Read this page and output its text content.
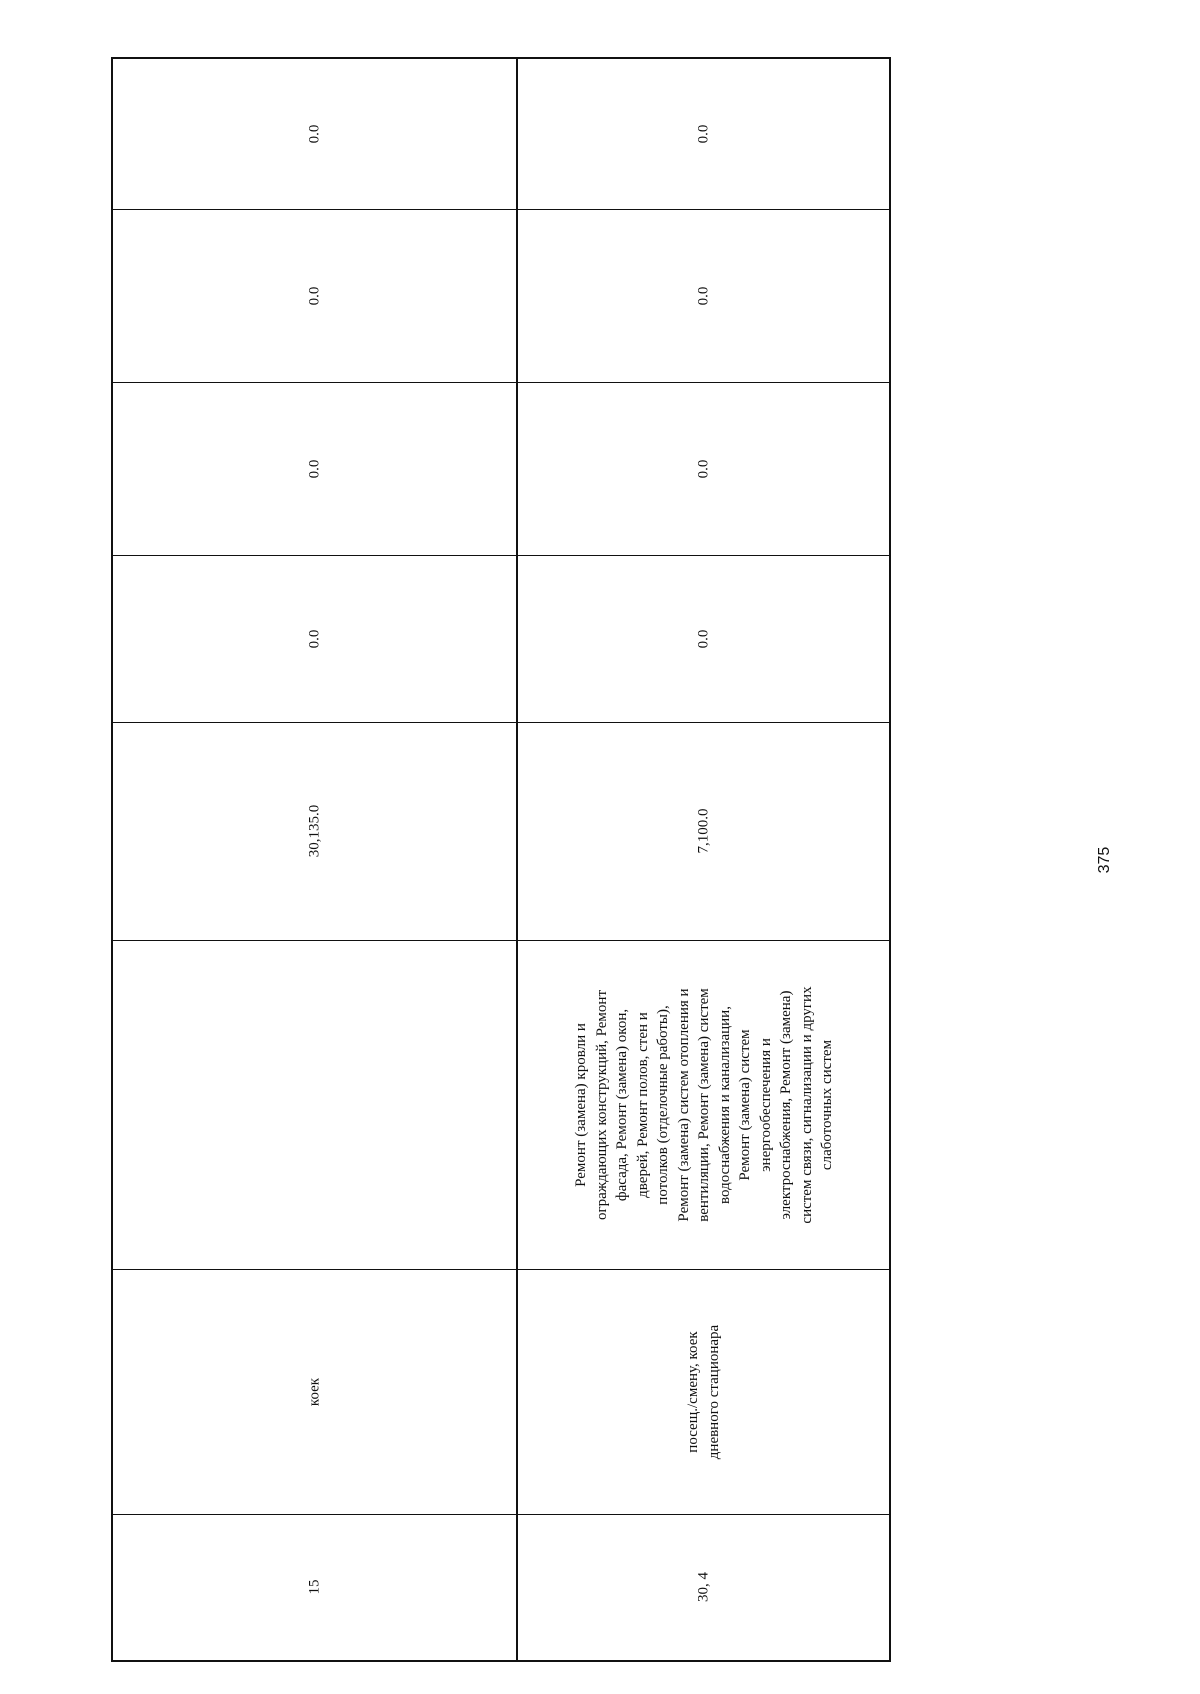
375
0.0
0.0
0.0
0.0
30,135.0
коек
15
0.0
0.0
0.0
0.0
7,100.0
Ремонт (замена) кровли и
ограждающих конструкций, Ремонт
фасада, Ремонт (замена) окон,
дверей, Ремонт полов, стен и
потолков (отделочные работы),
Ремонт (замена) систем отопления и
вентиляции, Ремонт (замена) систем
водоснабжения и канализации,
Ремонт (замена) систем
энергообеспечения и
электроснабжения, Ремонт (замена)
систем связи, сигнализации и других
слаботочных систем
посещ./смену, коек
дневного стационара
30, 4
